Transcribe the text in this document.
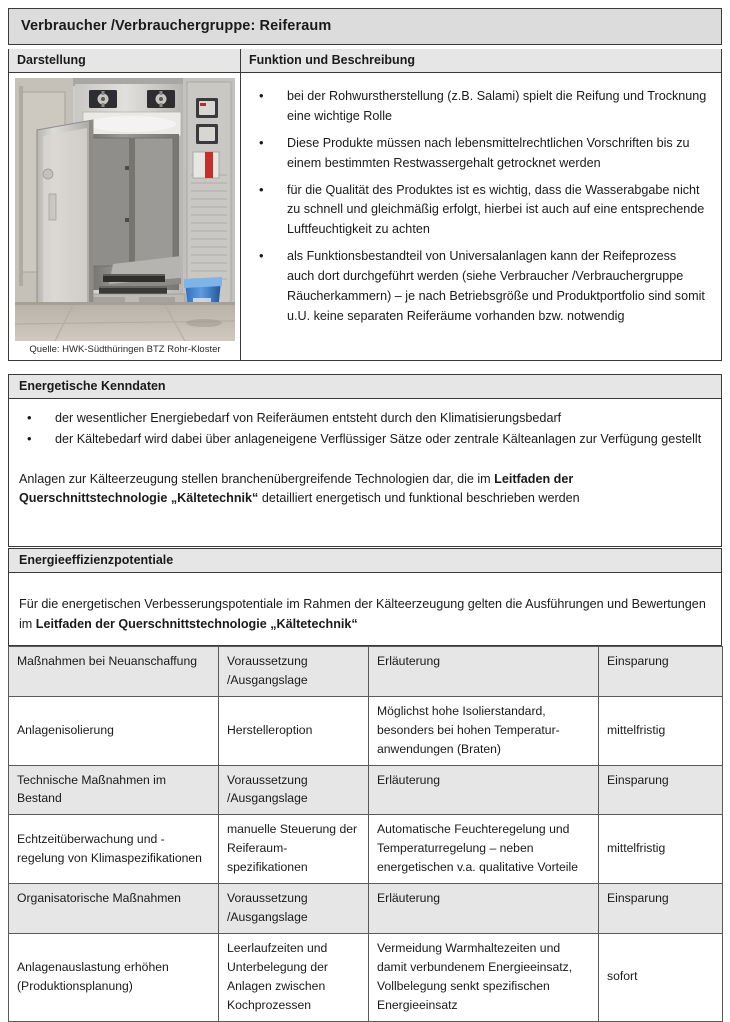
Verbraucher /Verbrauchergruppe: Reiferaum
Darstellung	Funktion und Beschreibung
Quelle: HWK-Südthüringen BTZ Rohr-Kloster
• bei der Rohwurstherstellung (z.B. Salami) spielt die Reifung und Trocknung eine wichtige Rolle
• Diese Produkte müssen nach lebensmittelrechtlichen Vorschriften bis zu einem bestimmten Restwassergehalt getrocknet werden
• für die Qualität des Produktes ist es wichtig, dass die Wasserabgabe nicht zu schnell und gleichmäßig erfolgt, hierbei ist auch auf eine entsprechende Luftfeuchtigkeit zu achten
• als Funktionsbestandteil von Universalanlagen kann der Reifeprozess auch dort durchgeführt werden (siehe Verbraucher /Verbrauchergruppe Räucherkammern) – je nach Betriebsgröße und Produktportfolio sind somit u.U. keine separaten Reiferäume vorhanden bzw. notwendig
Energetische Kenndaten
• der wesentlicher Energiebedarf von Reiferäumen entsteht durch den Klimatisierungsbedarf
• der Kältebedarf wird dabei über anlageneigene Verflüssiger Sätze oder zentrale Kälteanlagen zur Verfügung gestellt

Anlagen zur Kälteerzeugung stellen branchenübergreifende Technologien dar, die im Leitfaden der Querschnittstechnologie „Kältetechnik“ detailliert energetisch und funktional beschrieben werden

Energieeffizienzpotentiale

Für die energetischen Verbesserungspotentiale im Rahmen der Kälteerzeugung gelten die Ausführungen und Bewertungen im Leitfaden der Querschnittstechnologie „Kältetechnik“

Maßnahmen bei Neuanschaffung	Voraussetzung /Ausgangslage	Erläuterung	Einsparung
Anlagenisolierung	Herstelleroption	Möglichst hohe Isolierstandard, besonders bei hohen Temperatur-anwendungen (Braten)	mittelfristig
Technische Maßnahmen im Bestand	Voraussetzung /Ausgangslage	Erläuterung	Einsparung
Echtzeitüberwachung und -regelung von Klimaspezifikationen	manuelle Steuerung der Reiferaum-spezifikationen	Automatische Feuchteregelung und Temperaturregelung – neben energetischen v.a. qualitative Vorteile	mittelfristig
Organisatorische Maßnahmen	Voraussetzung /Ausgangslage	Erläuterung	Einsparung
Anlagenauslastung erhöhen (Produktionsplanung)	Leerlaufzeiten und Unterbelegung der Anlagen zwischen Kochprozessen	Vermeidung Warmhaltezeiten und damit verbundenem Energieeinsatz, Vollbelegung senkt spezifischen Energieeinsatz	sofort
